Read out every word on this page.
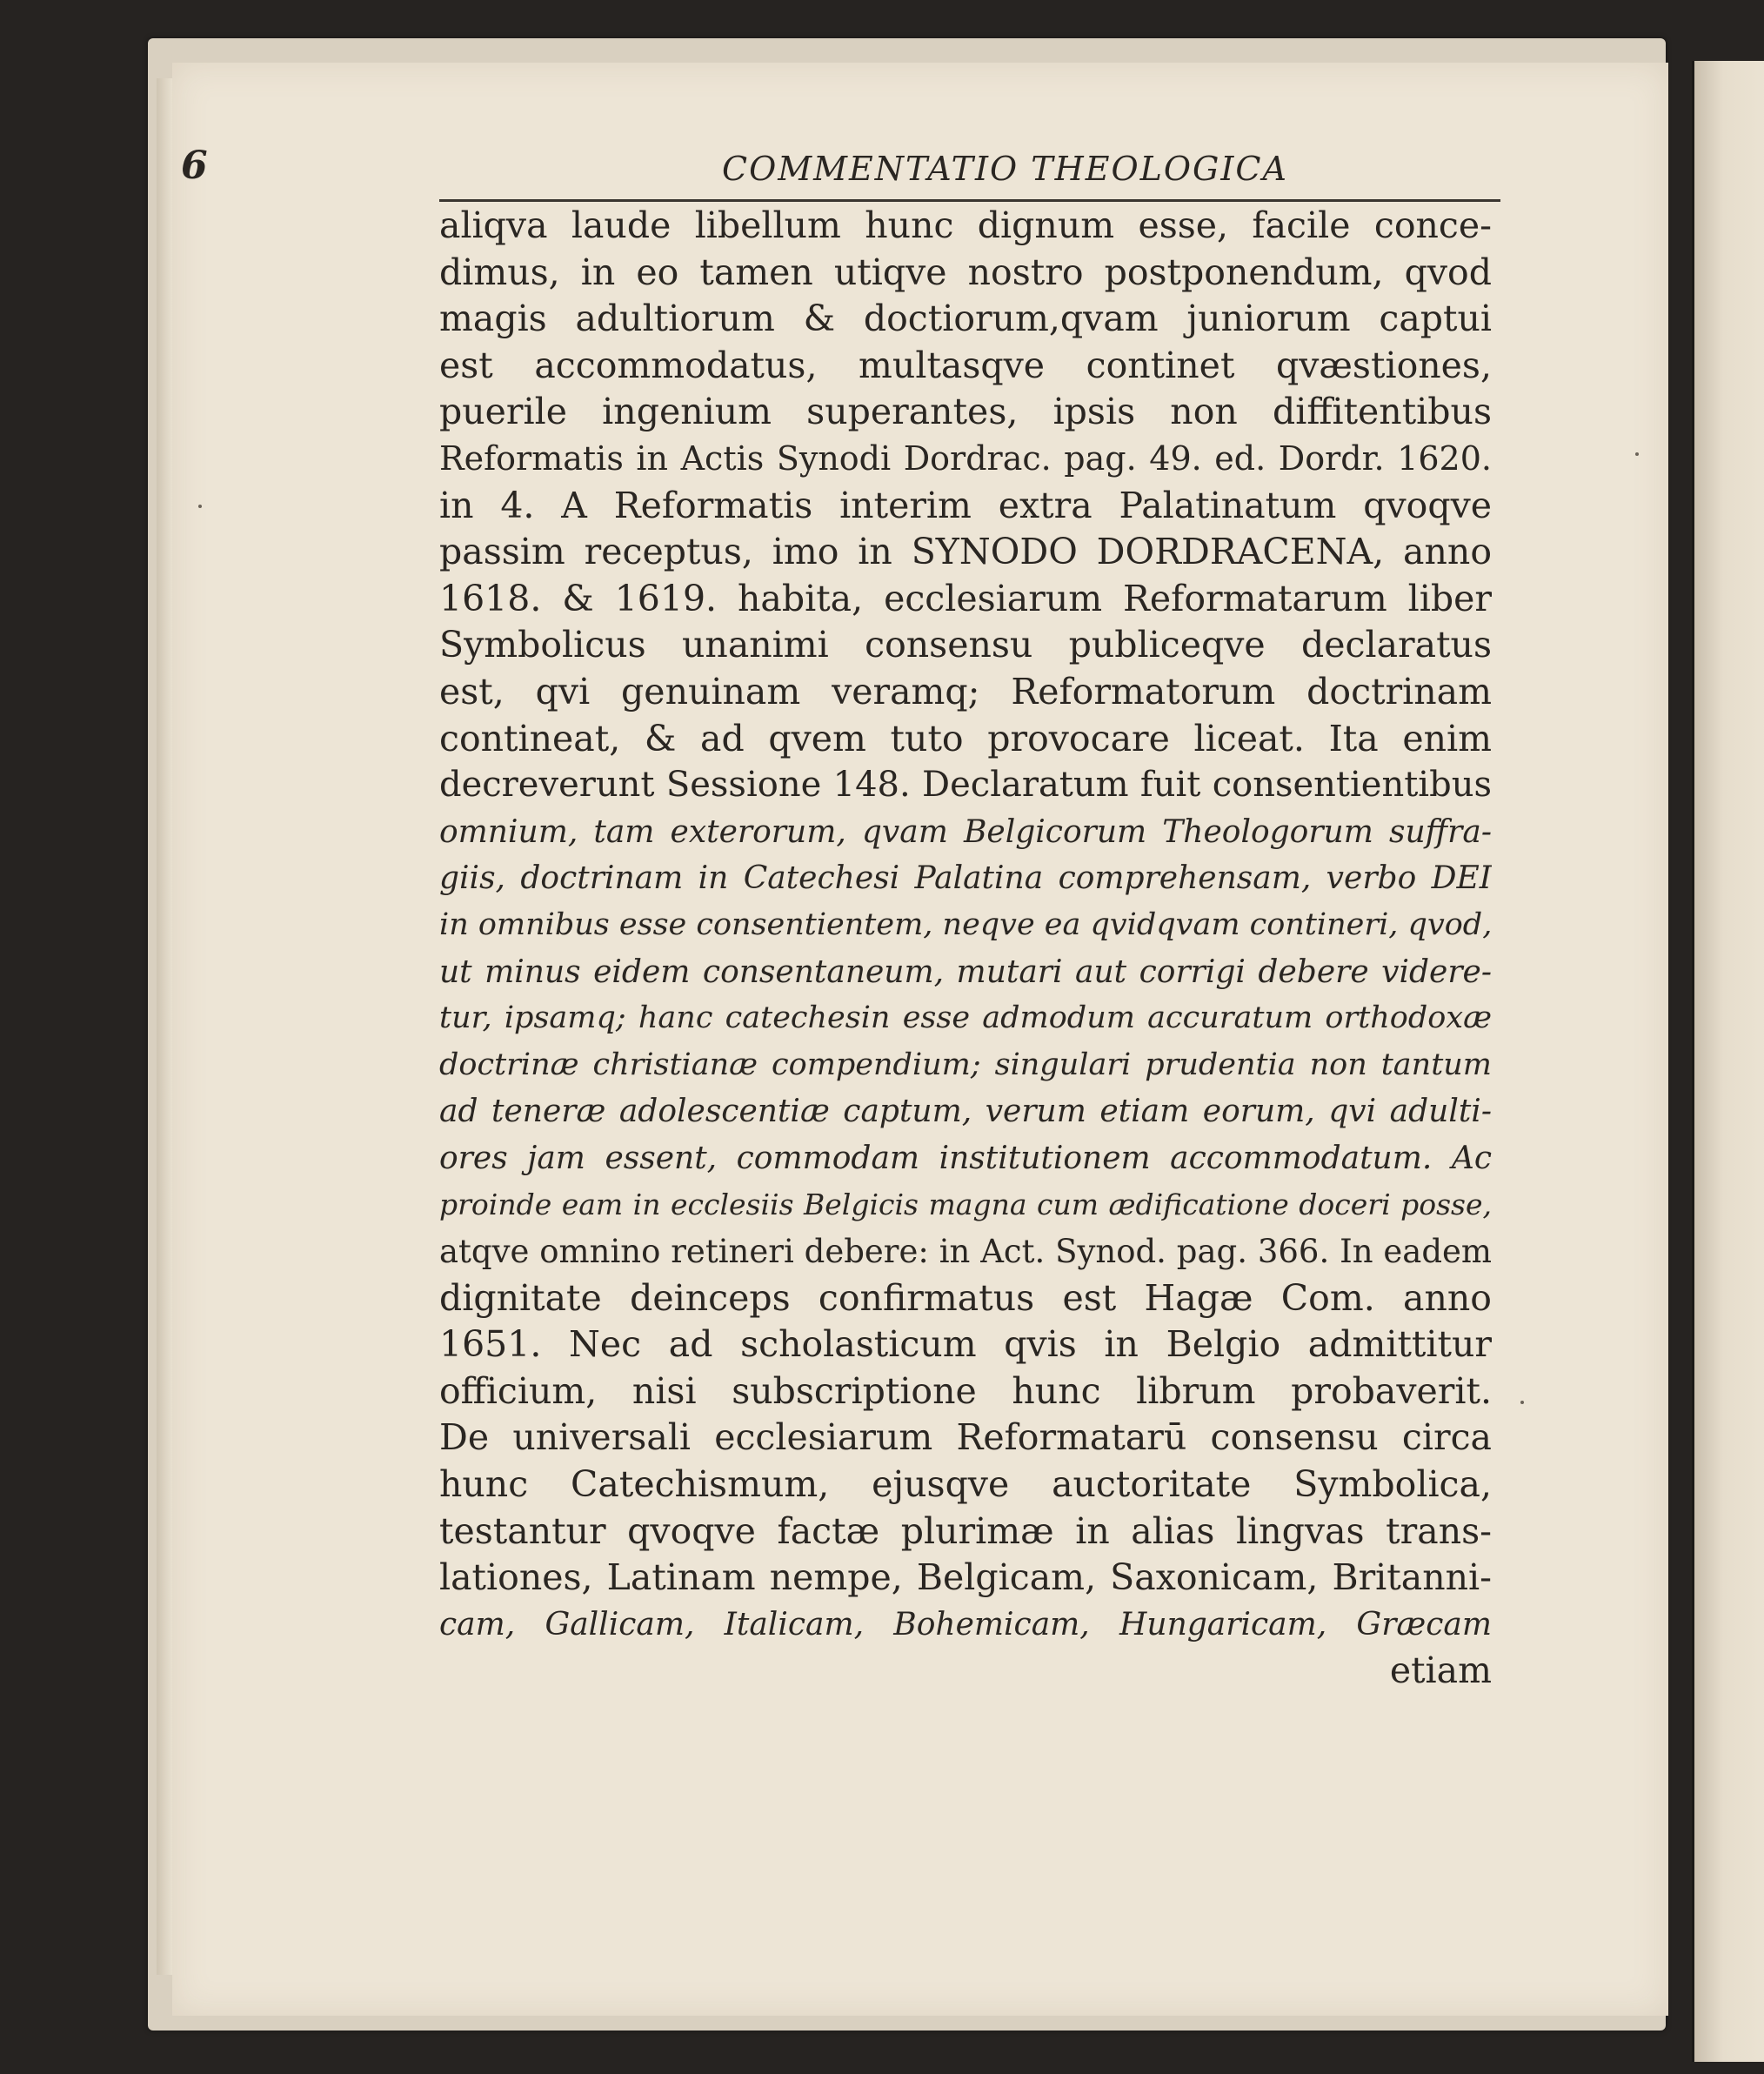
6	COMMENTATIO THEOLOGICA
aliqva laude libellum hunc dignum esse, facile conce-
dimus, in eo tamen utiqve nostro postponendum, qvod
magis adultiorum & doctiorum,qvam juniorum captui
est accommodatus, multasqve continet qvæstiones,
puerile ingenium superantes, ipsis non diffitentibus
Reformatis in Actis Synodi Dordrac. pag. 49. ed. Dordr. 1620.
in 4. A Reformatis interim extra Palatinatum qvoqve
passim receptus, imo in SYNODO DORDRACENA, anno
1618. & 1619. habita, ecclesiarum Reformatarum liber
Symbolicus unanimi consensu publiceqve declaratus
est, qvi genuinam veramq; Reformatorum doctrinam
contineat, & ad qvem tuto provocare liceat. Ita enim
decreverunt Sessione 148. Declaratum fuit consentientibus
omnium, tam exterorum, qvam Belgicorum Theologorum suffra-
giis, doctrinam in Catechesi Palatina comprehensam, verbo DEI
in omnibus esse consentientem, neqve ea qvidqvam contineri, qvod,
ut minus eidem consentaneum, mutari aut corrigi debere videre-
tur, ipsamq; hanc catechesin esse admodum accuratum orthodoxæ
doctrinæ christianæ compendium; singulari prudentia non tantum
ad teneræ adolescentiæ captum, verum etiam eorum, qvi adulti-
ores jam essent, commodam institutionem accommodatum. Ac
proinde eam in ecclesiis Belgicis magna cum ædificatione doceri posse,
atqve omnino retineri debere: in Act. Synod. pag. 366. In eadem
dignitate deinceps confirmatus est Hagæ Com. anno
1651. Nec ad scholasticum qvis in Belgio admittitur
officium, nisi subscriptione hunc librum probaverit.
De universali ecclesiarum Reformatarū consensu circa
hunc Catechismum, ejusqve auctoritate Symbolica,
testantur qvoqve factæ plurimæ in alias lingvas trans-
lationes, Latinam nempe, Belgicam, Saxonicam, Britanni-
cam, Gallicam, Italicam, Bohemicam, Hungaricam, Græcam
etiam
